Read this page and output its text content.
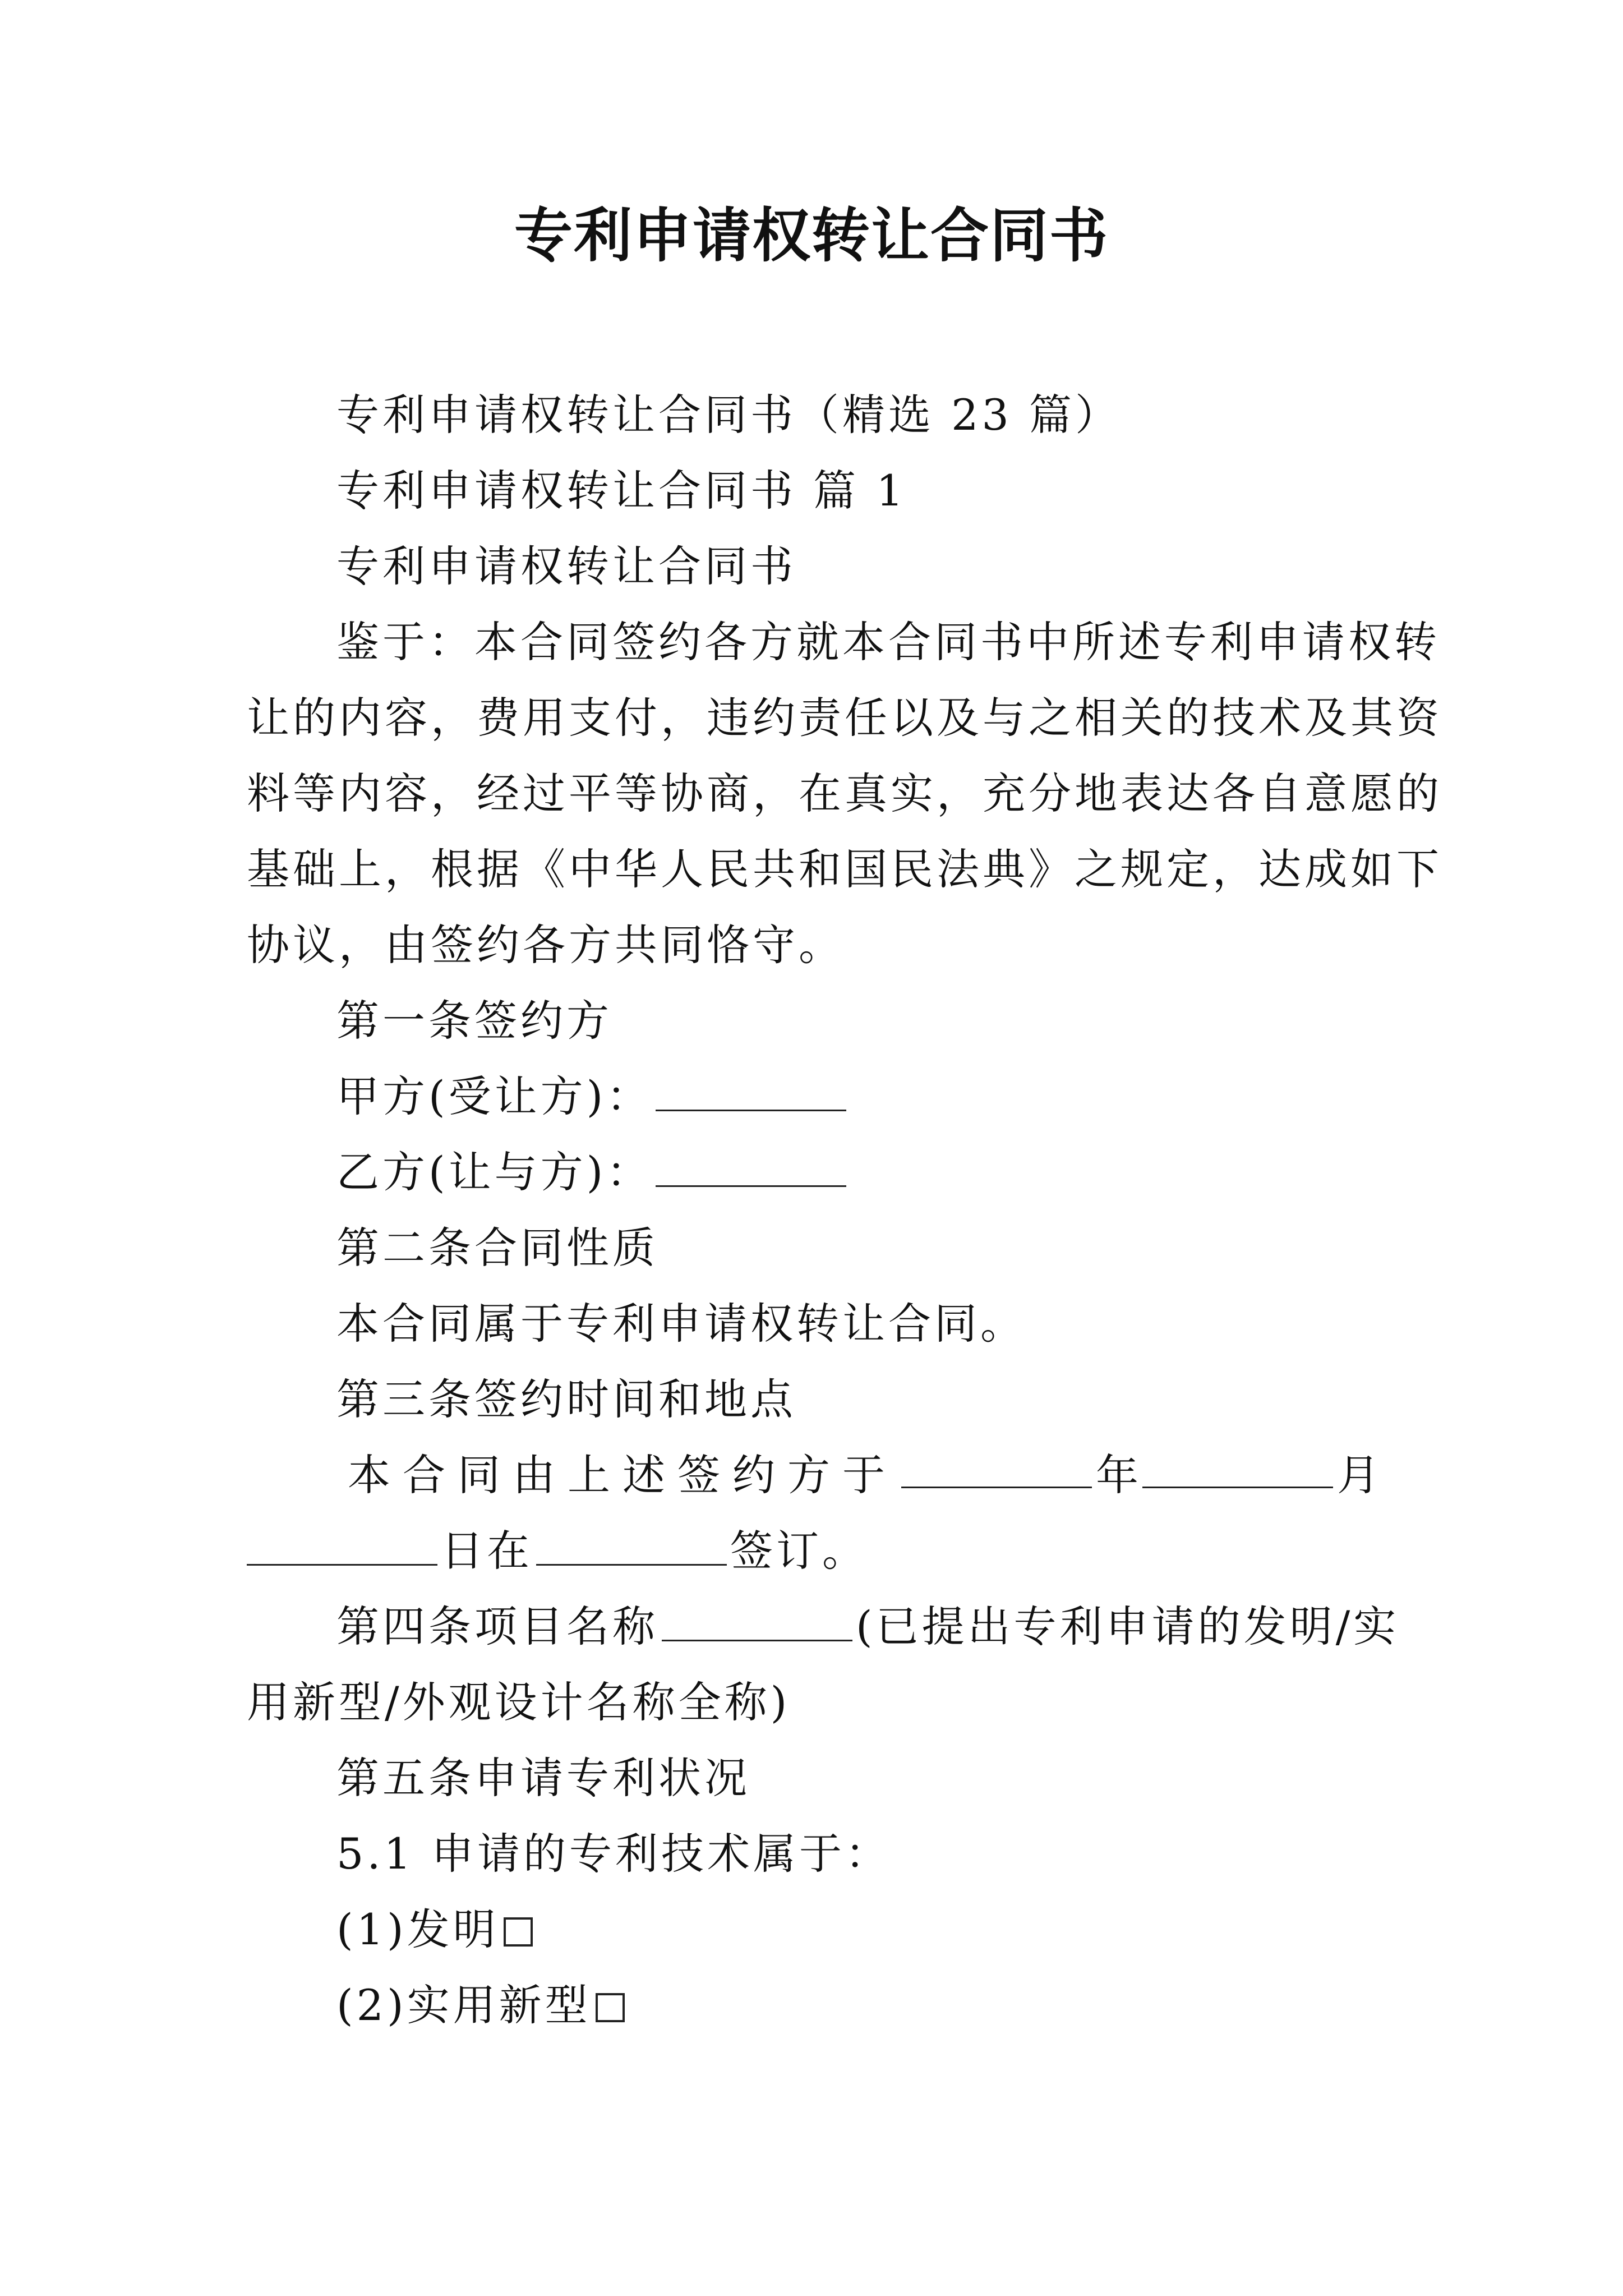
专利申请权转让合同书
专利申请权转让合同书（精选 23 篇）
专利申请权转让合同书 篇 1
专利申请权转让合同书
鉴于：本合同签约各方就本合同书中所述专利申请权转
让的内容，费用支付，违约责任以及与之相关的技术及其资
料等内容，经过平等协商，在真实，充分地表达各自意愿的
基础上，根据《中华人民共和国民法典》之规定，达成如下
协议，由签约各方共同恪守。
第一条签约方
甲方(受让方)：
乙方(让与方)：
第二条合同性质
本合同属于专利申请权转让合同。
第三条签约时间和地点
本合同由上述签约方于	年	月
日在	签订。
第四条项目名称	(已提出专利申请的发明/实
用新型/外观设计名称全称)
第五条申请专利状况
5.1 申请的专利技术属于：
(1)发明
(2)实用新型
